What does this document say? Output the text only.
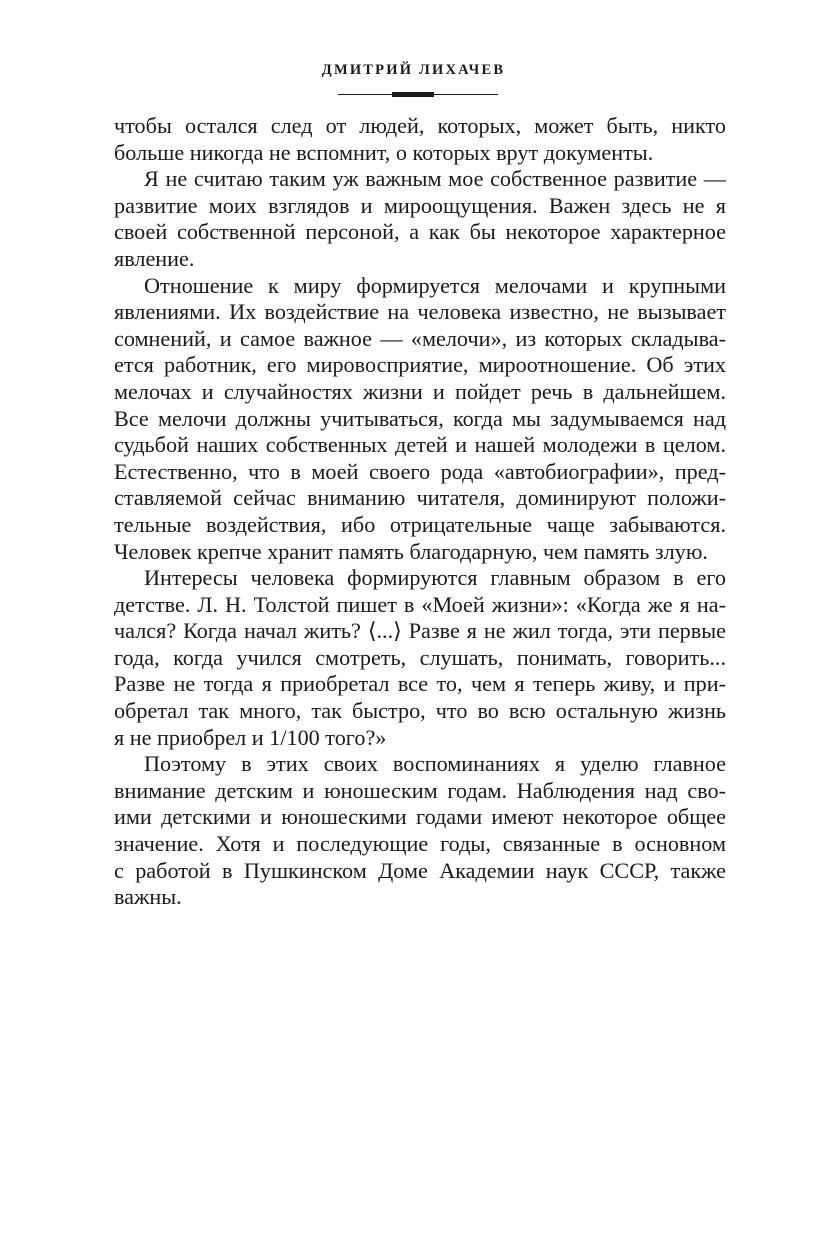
ДМИТРИЙ ЛИХАЧЕВ

чтобы остался след от людей, которых, может быть, никто
больше никогда не вспомнит, о которых врут документы.

Я не считаю таким уж важным мое собственное развитие —
развитие моих взглядов и мироощущения. Важен здесь не я
своей собственной персоной, а как бы некоторое характерное
явление.

Отношение к миру формируется мелочами и крупными
явлениями. Их воздействие на человека известно, не вызывает
сомнений, и самое важное — «мелочи», из которых складыва-
ется работник, его мировосприятие, мироотношение. Об этих
мелочах и случайностях жизни и пойдет речь в дальнейшем.
Все мелочи должны учитываться, когда мы задумываемся над
судьбой наших собственных детей и нашей молодежи в целом.
Естественно, что в моей своего рода «автобиографии», пред-
ставляемой сейчас вниманию читателя, доминируют положи-
тельные воздействия, ибо отрицательные чаще забываются.
Человек крепче хранит память благодарную, чем память злую.

Интересы человека формируются главным образом в его
детстве. Л. Н. Толстой пишет в «Моей жизни»: «Когда же я на-
чался? Когда начал жить? ⟨...⟩ Разве я не жил тогда, эти первые
года, когда учился смотреть, слушать, понимать, говорить...
Разве не тогда я приобретал все то, чем я теперь живу, и при-
обретал так много, так быстро, что во всю остальную жизнь
я не приобрел и 1/100 того?»

Поэтому в этих своих воспоминаниях я уделю главное
внимание детским и юношеским годам. Наблюдения над сво-
ими детскими и юношескими годами имеют некоторое общее
значение. Хотя и последующие годы, связанные в основном
с работой в Пушкинском Доме Академии наук СССР, также
важны.
